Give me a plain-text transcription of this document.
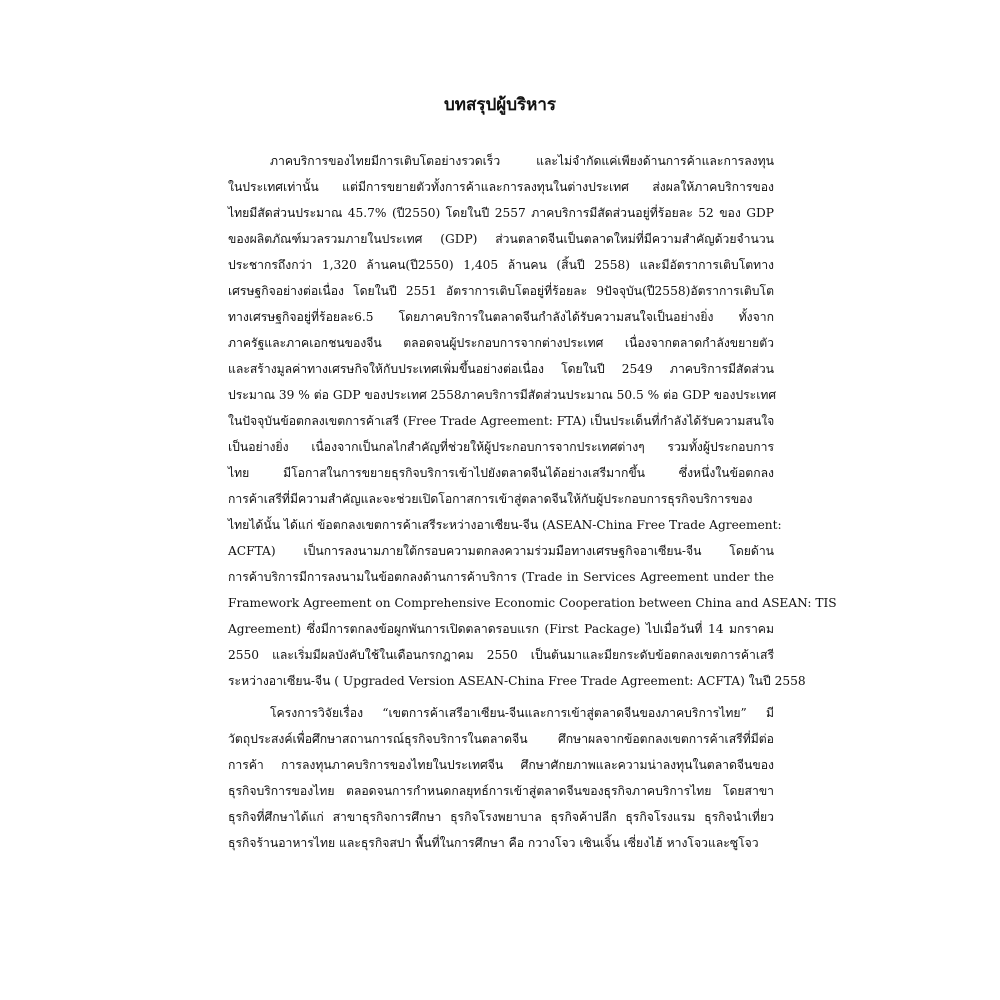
บทสรุปผู้บริหาร
ภาคบริการของไทยมีการเติบโตอย่างรวดเร็ว และไม่จำกัดแค่เพียงด้านการค้าและการลงทุน
ในประเทศเท่านั้น แต่มีการขยายตัวทั้งการค้าและการลงทุนในต่างประเทศ ส่งผลให้ภาคบริการของ
ไทยมีสัดส่วนประมาณ 45.7% (ปี2550) โดยในปี 2557 ภาคบริการมีสัดส่วนอยู่ที่ร้อยละ 52 ของ GDP
ของผลิตภัณฑ์มวลรวมภายในประเทศ (GDP) ส่วนตลาดจีนเป็นตลาดใหม่ที่มีความสำคัญด้วยจำนวน
ประชากรถึงกว่า 1,320 ล้านคน(ปี2550) 1,405 ล้านคน (สิ้นปี 2558) และมีอัตราการเติบโตทาง
เศรษฐกิจอย่างต่อเนื่อง โดยในปี 2551 อัตราการเติบโตอยู่ที่ร้อยละ 9ปัจจุบัน(ปี2558)อัตราการเติบโต
ทางเศรษฐกิจอยู่ที่ร้อยละ6.5 โดยภาคบริการในตลาดจีนกำลังได้รับความสนใจเป็นอย่างยิ่ง ทั้งจาก
ภาครัฐและภาคเอกชนของจีน ตลอดจนผู้ประกอบการจากต่างประเทศ เนื่องจากตลาดกำลังขยายตัว
และสร้างมูลค่าทางเศรษกิจให้กับประเทศเพิ่มขึ้นอย่างต่อเนื่อง โดยในปี 2549 ภาคบริการมีสัดส่วน
ประมาณ 39 % ต่อ GDP ของประเทศ 2558ภาคบริการมีสัดส่วนประมาณ 50.5 % ต่อ GDP ของประเทศ
ในปัจจุบันข้อตกลงเขตการค้าเสรี (Free Trade Agreement: FTA) เป็นประเด็นที่กำลังได้รับความสนใจ
เป็นอย่างยิ่ง เนื่องจากเป็นกลไกสำคัญที่ช่วยให้ผู้ประกอบการจากประเทศต่างๆ รวมทั้งผู้ประกอบการ
ไทย มีโอกาสในการขยายธุรกิจบริการเข้าไปยังตลาดจีนได้อย่างเสรีมากขึ้น ซึ่งหนึ่งในข้อตกลง
การค้าเสรีที่มีความสำคัญและจะช่วยเปิดโอกาสการเข้าสู่ตลาดจีนให้กับผู้ประกอบการธุรกิจบริการของ
ไทยได้นั้น ได้แก่ ข้อตกลงเขตการค้าเสรีระหว่างอาเซียน-จีน (ASEAN-China Free Trade Agreement:
ACFTA) เป็นการลงนามภายใต้กรอบความตกลงความร่วมมือทางเศรษฐกิจอาเซียน-จีน โดยด้าน
การค้าบริการมีการลงนามในข้อตกลงด้านการค้าบริการ (Trade in Services Agreement under the
Framework Agreement on Comprehensive Economic Cooperation between China and ASEAN: TIS
Agreement) ซึ่งมีการตกลงข้อผูกพันการเปิดตลาดรอบแรก (First Package) ไปเมื่อวันที่ 14 มกราคม
2550 และเริ่มมีผลบังคับใช้ในเดือนกรกฎาคม 2550 เป็นต้นมาและมียกระดับข้อตกลงเขตการค้าเสรี
ระหว่างอาเซียน-จีน ( Upgraded Version ASEAN-China Free Trade Agreement: ACFTA) ในปี 2558
โครงการวิจัยเรื่อง “เขตการค้าเสรีอาเซียน-จีนและการเข้าสู่ตลาดจีนของภาคบริการไทย” มี
วัตถุประสงค์เพื่อศึกษาสถานการณ์ธุรกิจบริการในตลาดจีน ศึกษาผลจากข้อตกลงเขตการค้าเสรีที่มีต่อ
การค้า การลงทุนภาคบริการของไทยในประเทศจีน ศึกษาศักยภาพและความน่าลงทุนในตลาดจีนของ
ธุรกิจบริการของไทย ตลอดจนการกำหนดกลยุทธ์การเข้าสู่ตลาดจีนของธุรกิจภาคบริการไทย โดยสาขา
ธุรกิจที่ศึกษาได้แก่ สาขาธุรกิจการศึกษา ธุรกิจโรงพยาบาล ธุรกิจค้าปลีก ธุรกิจโรงแรม ธุรกิจนำเที่ยว
ธุรกิจร้านอาหารไทย และธุรกิจสปา พื้นที่ในการศึกษา คือ กวางโจว เซินเจิ้น เซี่ยงไฮ้ หางโจวและซูโจว
